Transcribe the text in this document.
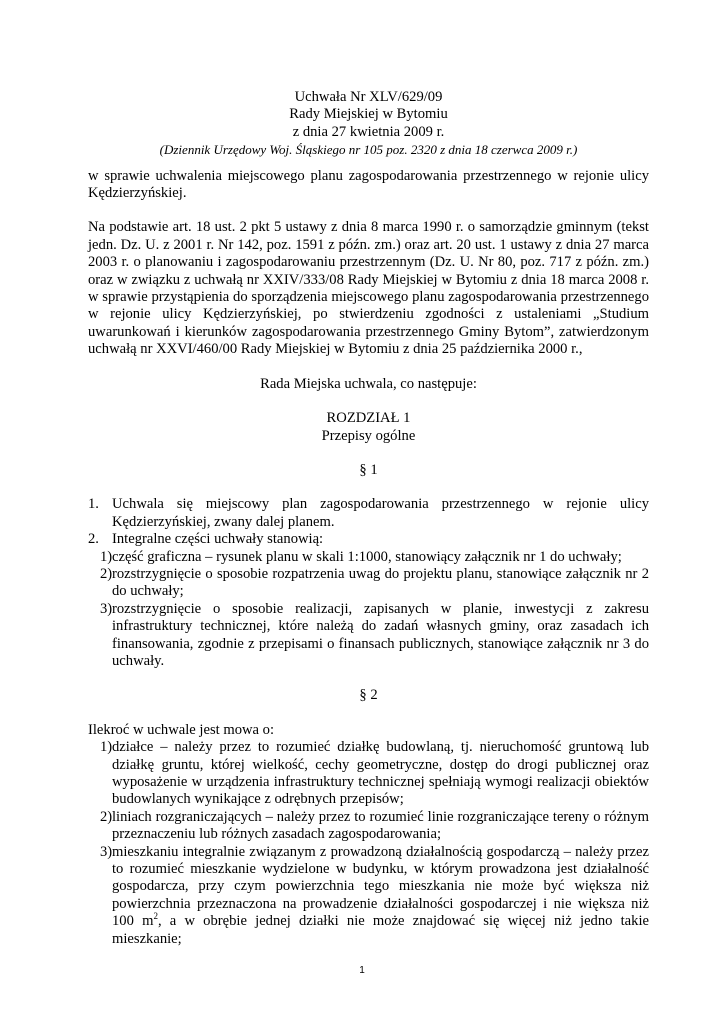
Uchwała Nr XLV/629/09
Rady Miejskiej w Bytomiu
z dnia 27 kwietnia 2009 r.
(Dziennik Urzędowy Woj. Śląskiego nr 105 poz. 2320 z dnia 18 czerwca 2009 r.)

w sprawie uchwalenia miejscowego planu zagospodarowania przestrzennego w rejonie ulicy Kędzierzyńskiej.

Na podstawie art. 18 ust. 2 pkt 5 ustawy z dnia 8 marca 1990 r. o samorządzie gminnym (tekst jedn. Dz. U. z 2001 r. Nr 142, poz. 1591 z późn. zm.) oraz art. 20 ust. 1 ustawy z dnia 27 marca 2003 r. o planowaniu i zagospodarowaniu przestrzennym (Dz. U. Nr 80, poz. 717 z późn. zm.) oraz w związku z uchwałą nr XXIV/333/08 Rady Miejskiej w Bytomiu z dnia 18 marca 2008 r. w sprawie przystąpienia do sporządzenia miejscowego planu zagospodarowania przestrzennego w rejonie ulicy Kędzierzyńskiej, po stwierdzeniu zgodności z ustaleniami „Studium uwarunkowań i kierunków zagospodarowania przestrzennego Gminy Bytom”, zatwierdzonym uchwałą nr XXVI/460/00 Rady Miejskiej w Bytomiu z dnia 25 października 2000 r.,

Rada Miejska uchwala, co następuje:

ROZDZIAŁ 1
Przepisy ogólne

§ 1

1. Uchwala się miejscowy plan zagospodarowania przestrzennego w rejonie ulicy Kędzierzyńskiej, zwany dalej planem.
2. Integralne części uchwały stanowią:
1) część graficzna – rysunek planu w skali 1:1000, stanowiący załącznik nr 1 do uchwały;
2) rozstrzygnięcie o sposobie rozpatrzenia uwag do projektu planu, stanowiące załącznik nr 2 do uchwały;
3) rozstrzygnięcie o sposobie realizacji, zapisanych w planie, inwestycji z zakresu infrastruktury technicznej, które należą do zadań własnych gminy, oraz zasadach ich finansowania, zgodnie z przepisami o finansach publicznych, stanowiące załącznik nr 3 do uchwały.

§ 2

Ilekroć w uchwale jest mowa o:

1) działce – należy przez to rozumieć działkę budowlaną, tj. nieruchomość gruntową lub działkę gruntu, której wielkość, cechy geometryczne, dostęp do drogi publicznej oraz wyposażenie w urządzenia infrastruktury technicznej spełniają wymogi realizacji obiektów budowlanych wynikające z odrębnych przepisów;
2) liniach rozgraniczających – należy przez to rozumieć linie rozgraniczające tereny o różnym przeznaczeniu lub różnych zasadach zagospodarowania;
3) mieszkaniu integralnie związanym z prowadzoną działalnością gospodarczą – należy przez to rozumieć mieszkanie wydzielone w budynku, w którym prowadzona jest działalność gospodarcza, przy czym powierzchnia tego mieszkania nie może być większa niż powierzchnia przeznaczona na prowadzenie działalności gospodarczej i nie większa niż 100 $m^2$, a w obrębie jednej działki nie może znajdować się więcej niż jedno takie mieszkanie;
1
